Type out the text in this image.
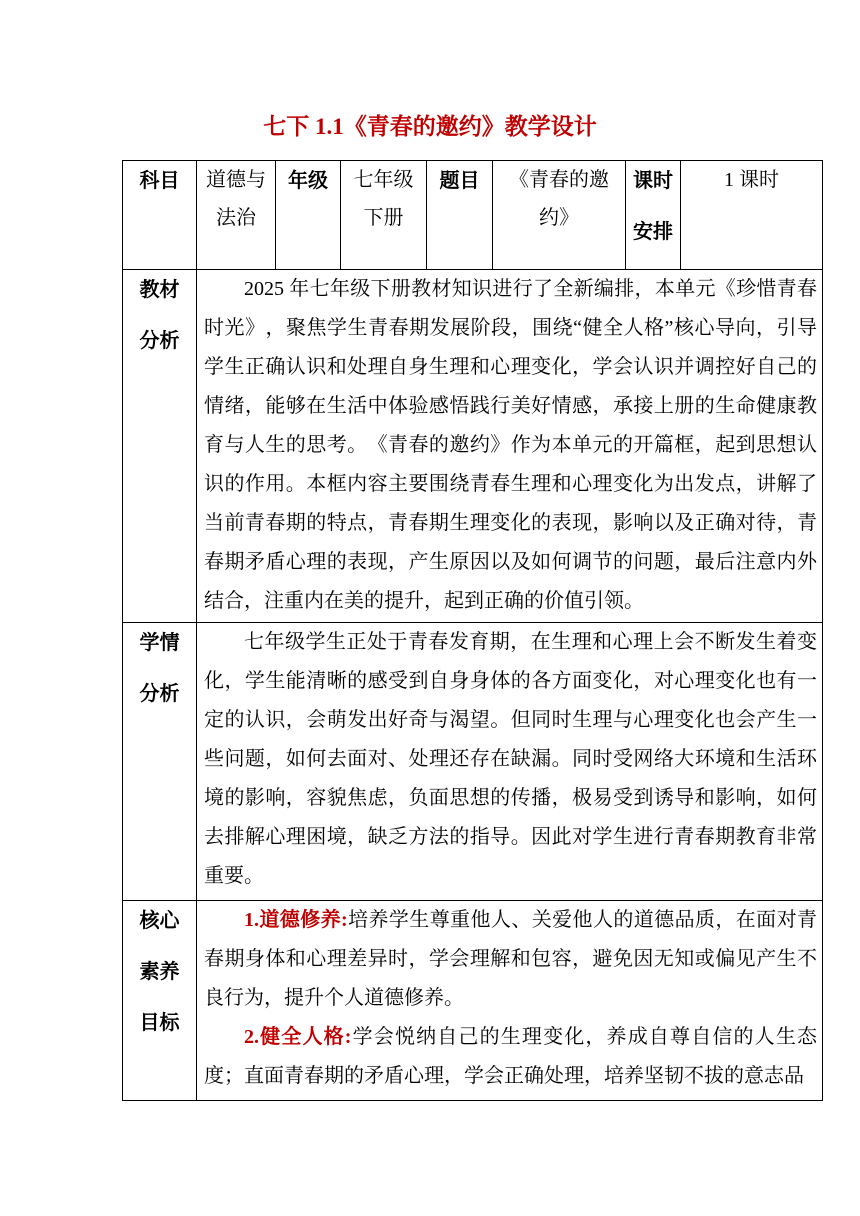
七下 1.1《青春的邀约》教学设计
科目	道德与法治	年级	七年级下册	题目	《青春的邀约》	课时安排	1 课时

教材分析	2025 年七年级下册教材知识进行了全新编排，本单元《珍惜青春时光》，聚焦学生青春期发展阶段，围绕“健全人格”核心导向，引导学生正确认识和处理自身生理和心理变化，学会认识并调控好自己的情绪，能够在生活中体验感悟践行美好情感，承接上册的生命健康教育与人生的思考。《青春的邀约》作为本单元的开篇框，起到思想认识的作用。本框内容主要围绕青春生理和心理变化为出发点，讲解了当前青春期的特点，青春期生理变化的表现，影响以及正确对待，青春期矛盾心理的表现，产生原因以及如何调节的问题，最后注意内外结合，注重内在美的提升，起到正确的价值引领。						

学情分析	七年级学生正处于青春发育期，在生理和心理上会不断发生着变化，学生能清晰的感受到自身身体的各方面变化，对心理变化也有一定的认识，会萌发出好奇与渴望。但同时生理与心理变化也会产生一些问题，如何去面对、处理还存在缺漏。同时受网络大环境和生活环境的影响，容貌焦虑，负面思想的传播，极易受到诱导和影响，如何去排解心理困境，缺乏方法的指导。因此对学生进行青春期教育非常重要。						

核心素养目标	1.道德修养:培养学生尊重他人、关爱他人的道德品质，在面对青春期身体和心理差异时，学会理解和包容，避免因无知或偏见产生不良行为，提升个人道德修养。

2.健全人格:学会悦纳自己的生理变化，养成自尊自信的人生态度；直面青春期的矛盾心理，学会正确处理，培养坚韧不拔的意志品						
